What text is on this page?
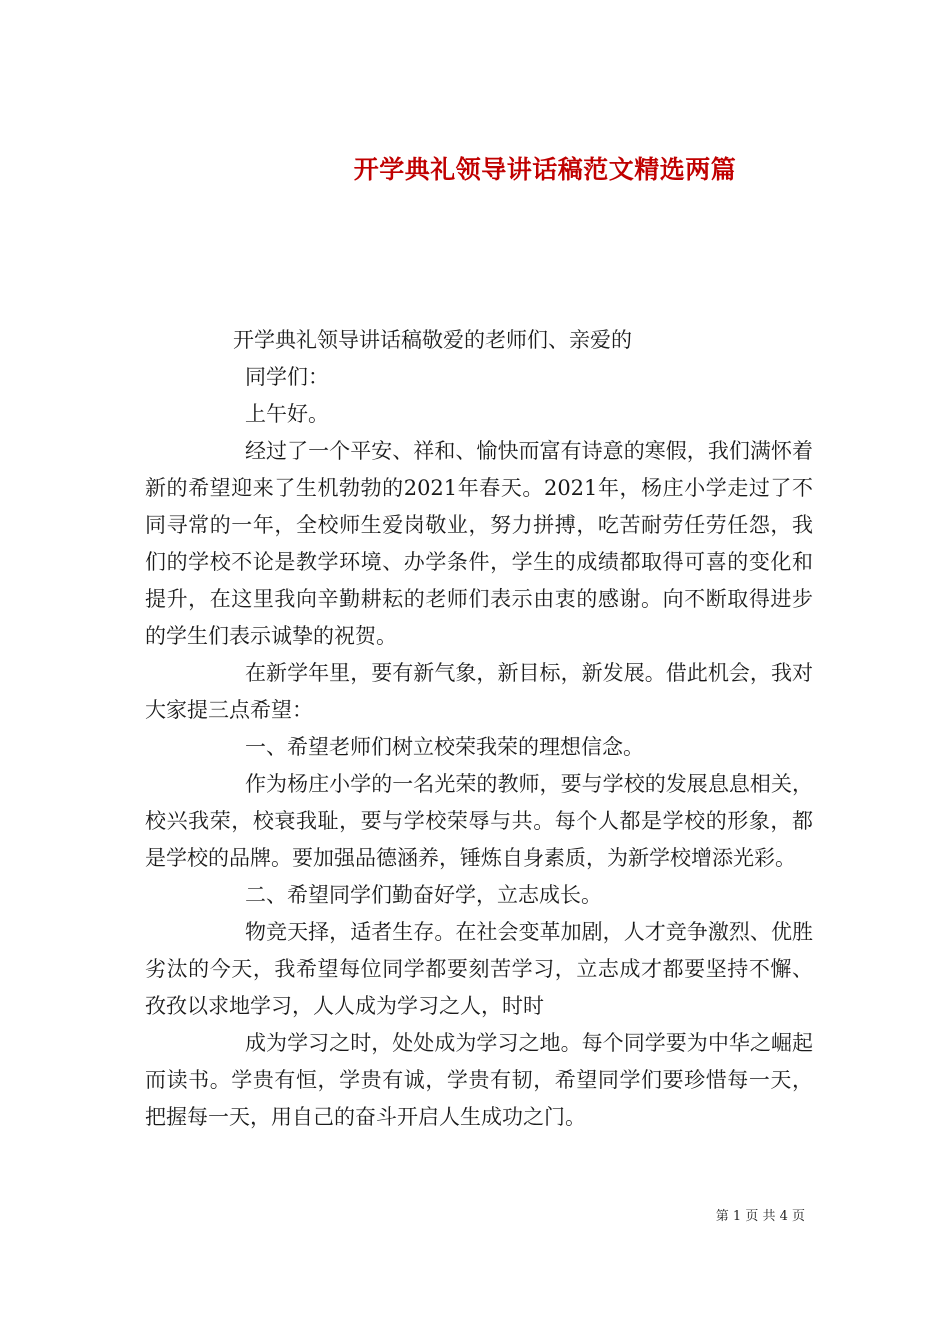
开学典礼领导讲话稿范文精选两篇

开学典礼领导讲话稿敬爱的老师们、亲爱的

同学们：

上午好。

经过了一个平安、祥和、愉快而富有诗意的寒假，我们满怀着新的希望迎来了生机勃勃的2021年春天。2021年，杨庄小学走过了不同寻常的一年，全校师生爱岗敬业，努力拼搏，吃苦耐劳任劳任怨，我们的学校不论是教学环境、办学条件，学生的成绩都取得可喜的变化和提升，在这里我向辛勤耕耘的老师们表示由衷的感谢。向不断取得进步的学生们表示诚挚的祝贺。

在新学年里，要有新气象，新目标，新发展。借此机会，我对大家提三点希望：

一、希望老师们树立校荣我荣的理想信念。

作为杨庄小学的一名光荣的教师，要与学校的发展息息相关，校兴我荣，校衰我耻，要与学校荣辱与共。每个人都是学校的形象，都是学校的品牌。要加强品德涵养，锤炼自身素质，为新学校增添光彩。

二、希望同学们勤奋好学，立志成长。

物竞天择，适者生存。在社会变革加剧，人才竞争激烈、优胜劣汰的今天，我希望每位同学都要刻苦学习，立志成才都要坚持不懈、孜孜以求地学习，人人成为学习之人，时时

成为学习之时，处处成为学习之地。每个同学要为中华之崛起而读书。学贵有恒，学贵有诚，学贵有韧，希望同学们要珍惜每一天，把握每一天，用自己的奋斗开启人生成功之门。

第 1 页 共 4 页
